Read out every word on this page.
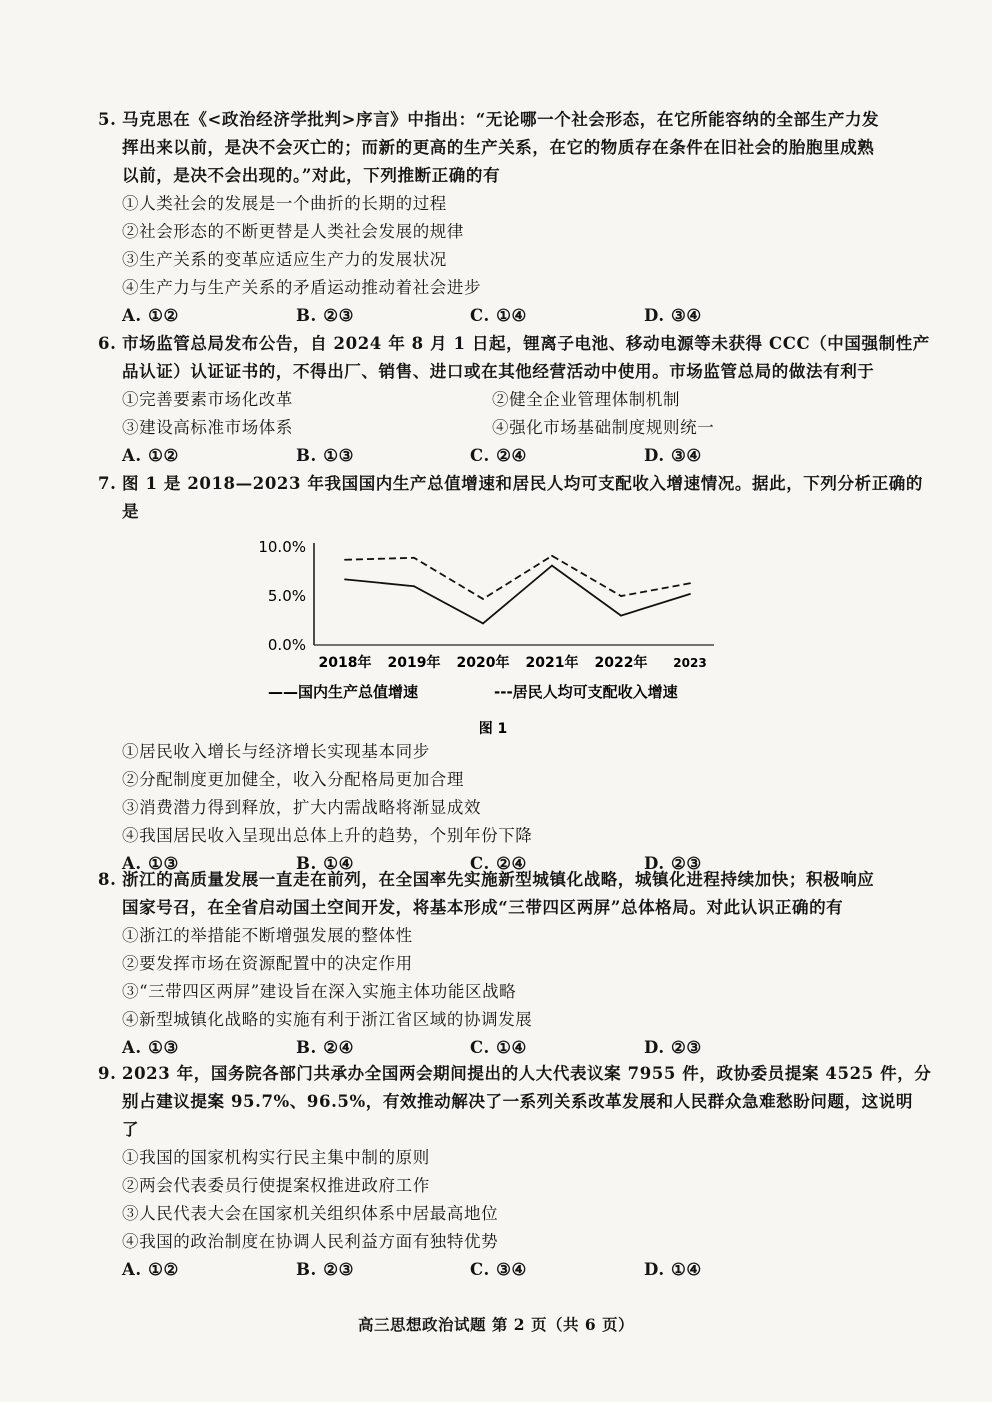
5. 马克思在《<政治经济学批判>序言》中指出：“无论哪一个社会形态，在它所能容纳的全部生产力发
挥出来以前，是决不会灭亡的；而新的更高的生产关系，在它的物质存在条件在旧社会的胎胞里成熟
以前，是决不会出现的。”对此，下列推断正确的有
①人类社会的发展是一个曲折的长期的过程
②社会形态的不断更替是人类社会发展的规律
③生产关系的变革应适应生产力的发展状况
④生产力与生产关系的矛盾运动推动着社会进步
A. ①②	B. ②③	C. ①④	D. ③④
6. 市场监管总局发布公告，自 2024 年 8 月 1 日起，锂离子电池、移动电源等未获得 CCC（中国强制性产
品认证）认证证书的，不得出厂、销售、进口或在其他经营活动中使用。市场监管总局的做法有利于
①完善要素市场化改革	②健全企业管理体制机制
③建设高标准市场体系	④强化市场基础制度规则统一
A. ①②	B. ①③	C. ②④	D. ③④
7. 图 1 是 2018—2023 年我国国内生产总值增速和居民人均可支配收入增速情况。据此，下列分析正确的
是
10.0%
5.0%
0.0%
2018年 2019年 2020年 2021年 2022年 2023
——国内生产总值增速	---居民人均可支配收入增速
图 1
①居民收入增长与经济增长实现基本同步
②分配制度更加健全，收入分配格局更加合理
③消费潜力得到释放，扩大内需战略将渐显成效
④我国居民收入呈现出总体上升的趋势，个别年份下降
A. ①③	B. ①④	C. ②④	D. ②③
8. 浙江的高质量发展一直走在前列，在全国率先实施新型城镇化战略，城镇化进程持续加快；积极响应
国家号召，在全省启动国土空间开发，将基本形成“三带四区两屏”总体格局。对此认识正确的有
①浙江的举措能不断增强发展的整体性
②要发挥市场在资源配置中的决定作用
③“三带四区两屏”建设旨在深入实施主体功能区战略
④新型城镇化战略的实施有利于浙江省区域的协调发展
A. ①③	B. ②④	C. ①④	D. ②③
9. 2023 年，国务院各部门共承办全国两会期间提出的人大代表议案 7955 件，政协委员提案 4525 件，分
别占建议提案 95.7%、96.5%，有效推动解决了一系列关系改革发展和人民群众急难愁盼问题，这说明
了
①我国的国家机构实行民主集中制的原则
②两会代表委员行使提案权推进政府工作
③人民代表大会在国家机关组织体系中居最高地位
④我国的政治制度在协调人民利益方面有独特优势
A. ①②	B. ②③	C. ③④	D. ①④
高三思想政治试题 第 2 页（共 6 页）
